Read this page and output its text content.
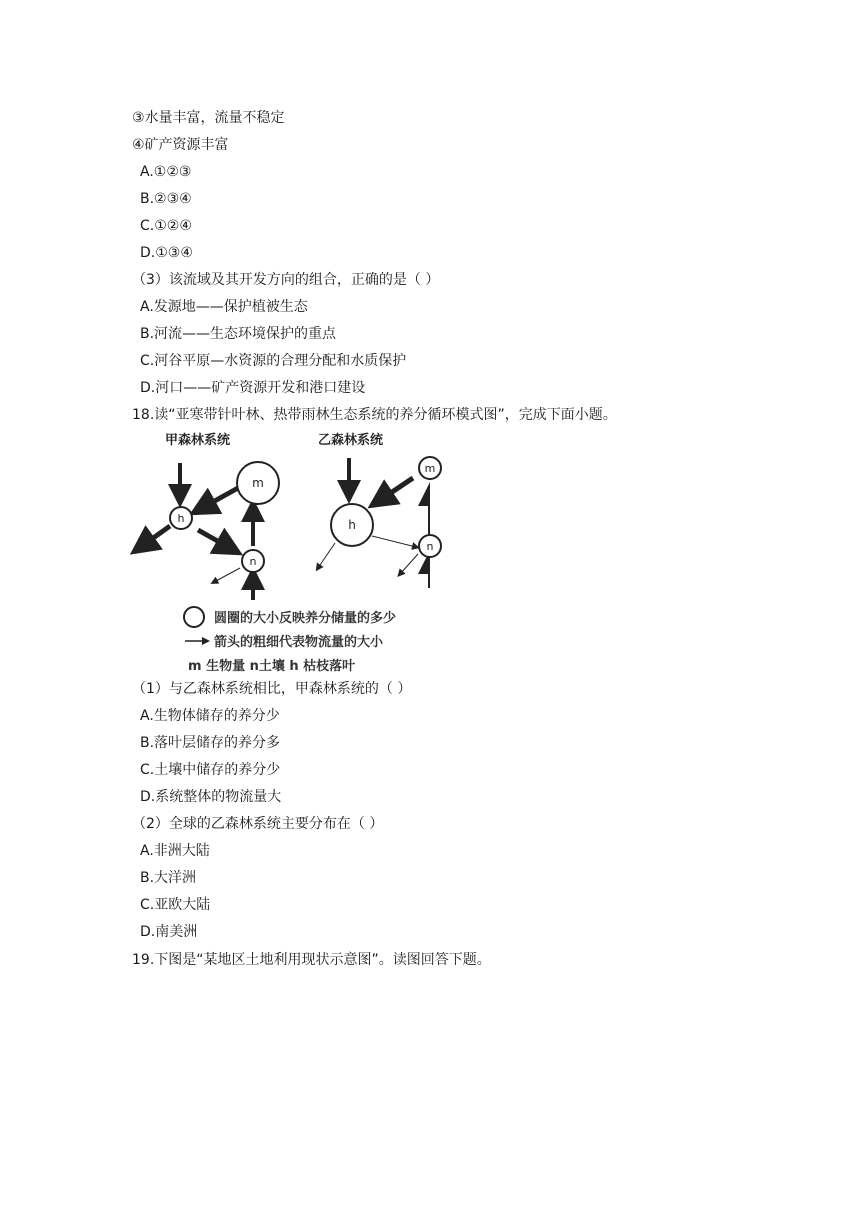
③水量丰富，流量不稳定
④矿产资源丰富
A.①②③
B.②③④
C.①②④
D.①③④
（3）该流域及其开发方向的组合，正确的是（ ）
A.发源地——保护植被生态
B.河流——生态环境保护的重点
C.河谷平原—水资源的合理分配和水质保护
D.河口——矿产资源开发和港口建设
18.读“亚寒带针叶林、热带雨林生态系统的养分循环模式图”，完成下面小题。
甲森林系统	乙森林系统
m
h
n
h
圆圈的大小反映养分储量的多少
箭头的粗细代表物流量的大小
m 生物量 n土壤 h 枯枝落叶
m
n
（1）与乙森林系统相比，甲森林系统的（ ）
A.生物体储存的养分少
B.落叶层储存的养分多
C.土壤中储存的养分少
D.系统整体的物流量大
（2）全球的乙森林系统主要分布在（ ）
A.非洲大陆
B.大洋洲
C.亚欧大陆
D.南美洲
19.下图是“某地区土地利用现状示意图”。读图回答下题。
